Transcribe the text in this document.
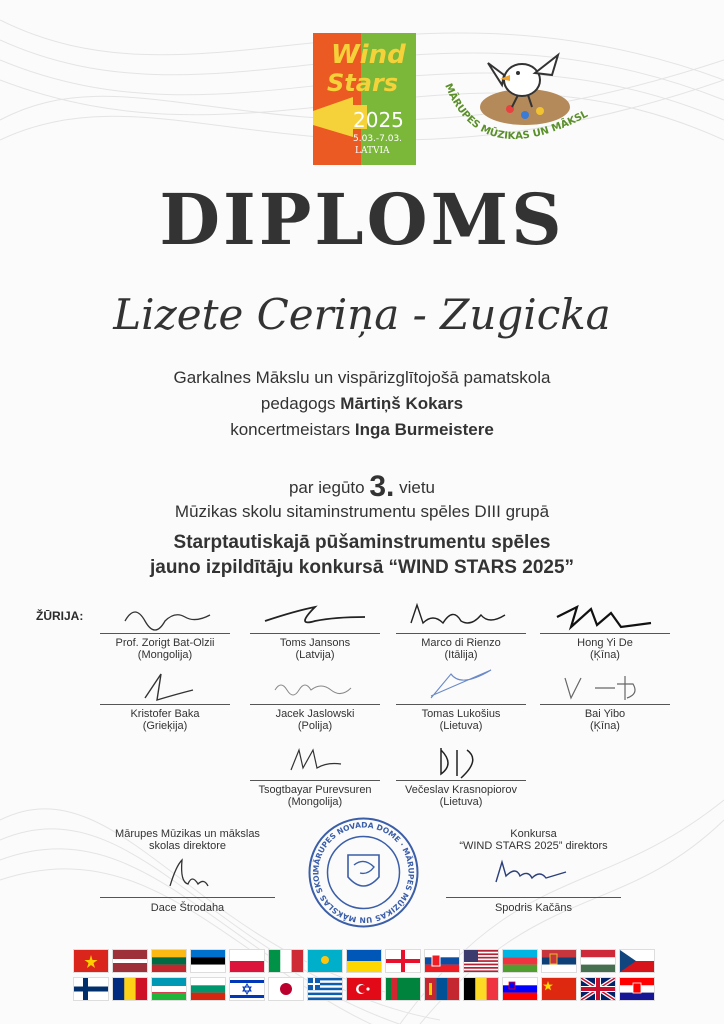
Wind
Stars
2025
5.03.-7.03.
LATVIA
MĀRUPES MŪZIKAS UN MĀKSL
DIPLOMS
Lizete Ceriņa - Zugicka
Garkalnes Mākslu un vispārizglītojošā pamatskola
pedagogs Mārtiņš Kokars
koncertmeistars Inga Burmeistere
par iegūto 3. vietu
Mūzikas skolu sitaminstrumentu spēles DIII grupā
Starptautiskajā pūšaminstrumentu spēles
jauno izpildītāju konkursā “WIND STARS 2025”
ŽŪRIJA:
Prof. Zorigt Bat-Olzii
(Mongolija)
Toms Jansons
(Latvija)
Marco di Rienzo
(Itālija)
Hong Yi De
(Ķīna)
Kristofer Baka
(Grieķija)
Jacek Jaslowski
(Polija)
Tomas Lukošius
(Lietuva)
Bai Yibo
(Ķīna)
Tsogtbayar Purevsuren
(Mongolija)
Večeslav Krasnopiorov
(Lietuva)
Mārupes Mūzikas un mākslas
skolas direktore
Dace Štrodaha
MĀRUPES NOVADA DOME · MĀRUPES MŪZIKAS UN MĀKSLAS SKOL
Konkursa
“WIND STARS 2025” direktors
Spodris Kačāns
